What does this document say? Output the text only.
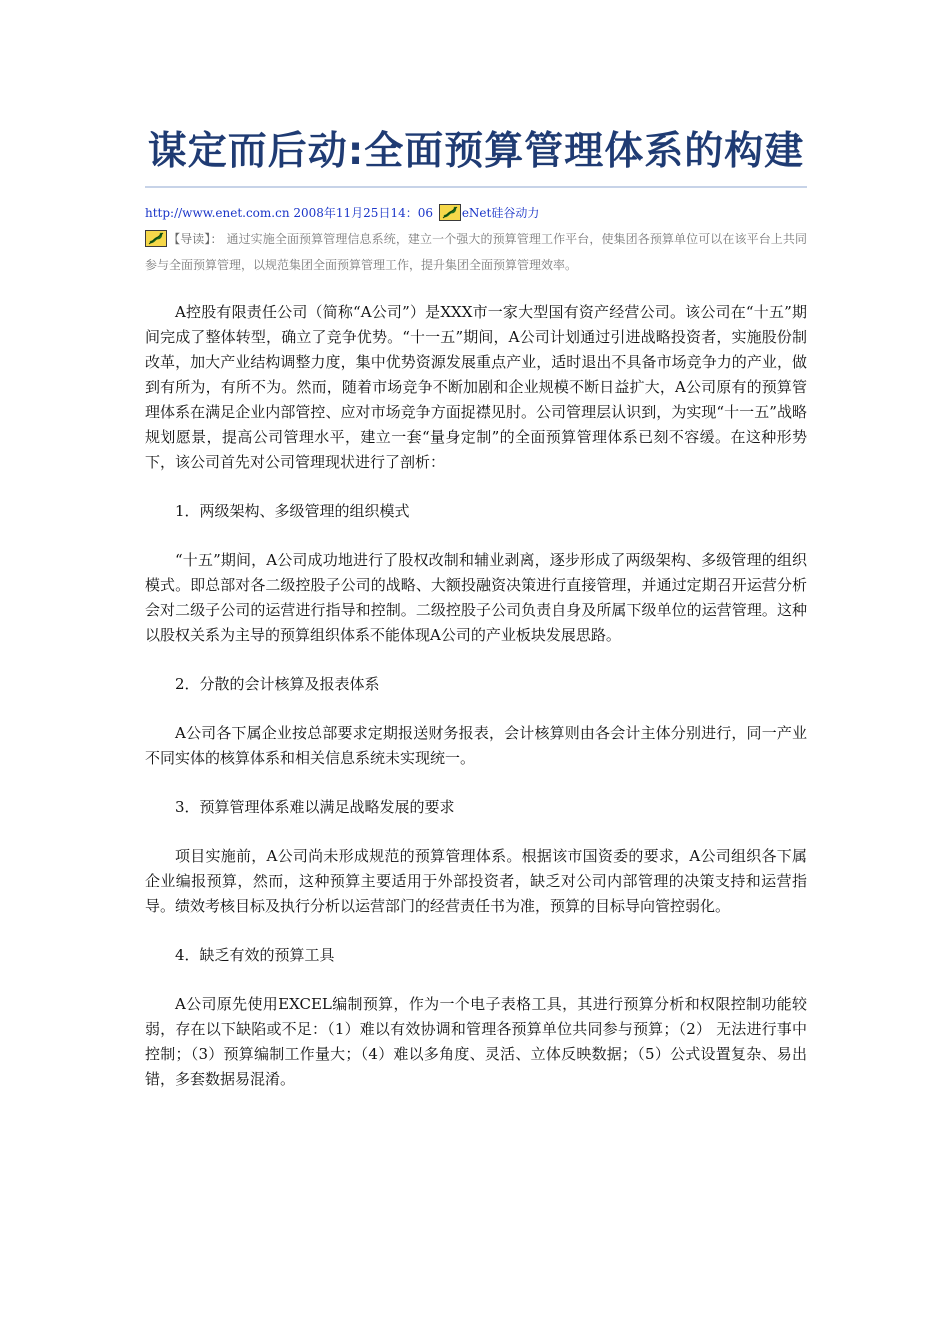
谋定而后动:全面预算管理体系的构建
http://www.enet.com.cn 2008年11月25日14：06 eNet硅谷动力
【导读】： 通过实施全面预算管理信息系统，建立一个强大的预算管理工作平台，使集团各预算单位可以在该平台上共同参与全面预算管理，以规范集团全面预算管理工作，提升集团全面预算管理效率。

A控股有限责任公司（简称“A公司”）是XXX市一家大型国有资产经营公司。该公司在“十五”期间完成了整体转型，确立了竞争优势。“十一五”期间，A公司计划通过引进战略投资者，实施股份制改革，加大产业结构调整力度，集中优势资源发展重点产业，适时退出不具备市场竞争力的产业，做到有所为，有所不为。然而，随着市场竞争不断加剧和企业规模不断日益扩大，A公司原有的预算管理体系在满足企业内部管控、应对市场竞争方面捉襟见肘。公司管理层认识到，为实现“十一五”战略规划愿景，提高公司管理水平，建立一套“量身定制”的全面预算管理体系已刻不容缓。在这种形势下，该公司首先对公司管理现状进行了剖析：

1．两级架构、多级管理的组织模式

“十五”期间，A公司成功地进行了股权改制和辅业剥离，逐步形成了两级架构、多级管理的组织模式。即总部对各二级控股子公司的战略、大额投融资决策进行直接管理，并通过定期召开运营分析会对二级子公司的运营进行指导和控制。二级控股子公司负责自身及所属下级单位的运营管理。这种以股权关系为主导的预算组织体系不能体现A公司的产业板块发展思路。

2．分散的会计核算及报表体系

A公司各下属企业按总部要求定期报送财务报表，会计核算则由各会计主体分别进行，同一产业不同实体的核算体系和相关信息系统未实现统一。

3．预算管理体系难以满足战略发展的要求

项目实施前，A公司尚未形成规范的预算管理体系。根据该市国资委的要求，A公司组织各下属企业编报预算，然而，这种预算主要适用于外部投资者，缺乏对公司内部管理的决策支持和运营指导。绩效考核目标及执行分析以运营部门的经营责任书为准，预算的目标导向管控弱化。

4．缺乏有效的预算工具

A公司原先使用EXCEL编制预算，作为一个电子表格工具，其进行预算分析和权限控制功能较弱，存在以下缺陷或不足：（1）难以有效协调和管理各预算单位共同参与预算；（2） 无法进行事中控制；（3）预算编制工作量大；（4）难以多角度、灵活、立体反映数据；（5）公式设置复杂、易出错，多套数据易混淆。
